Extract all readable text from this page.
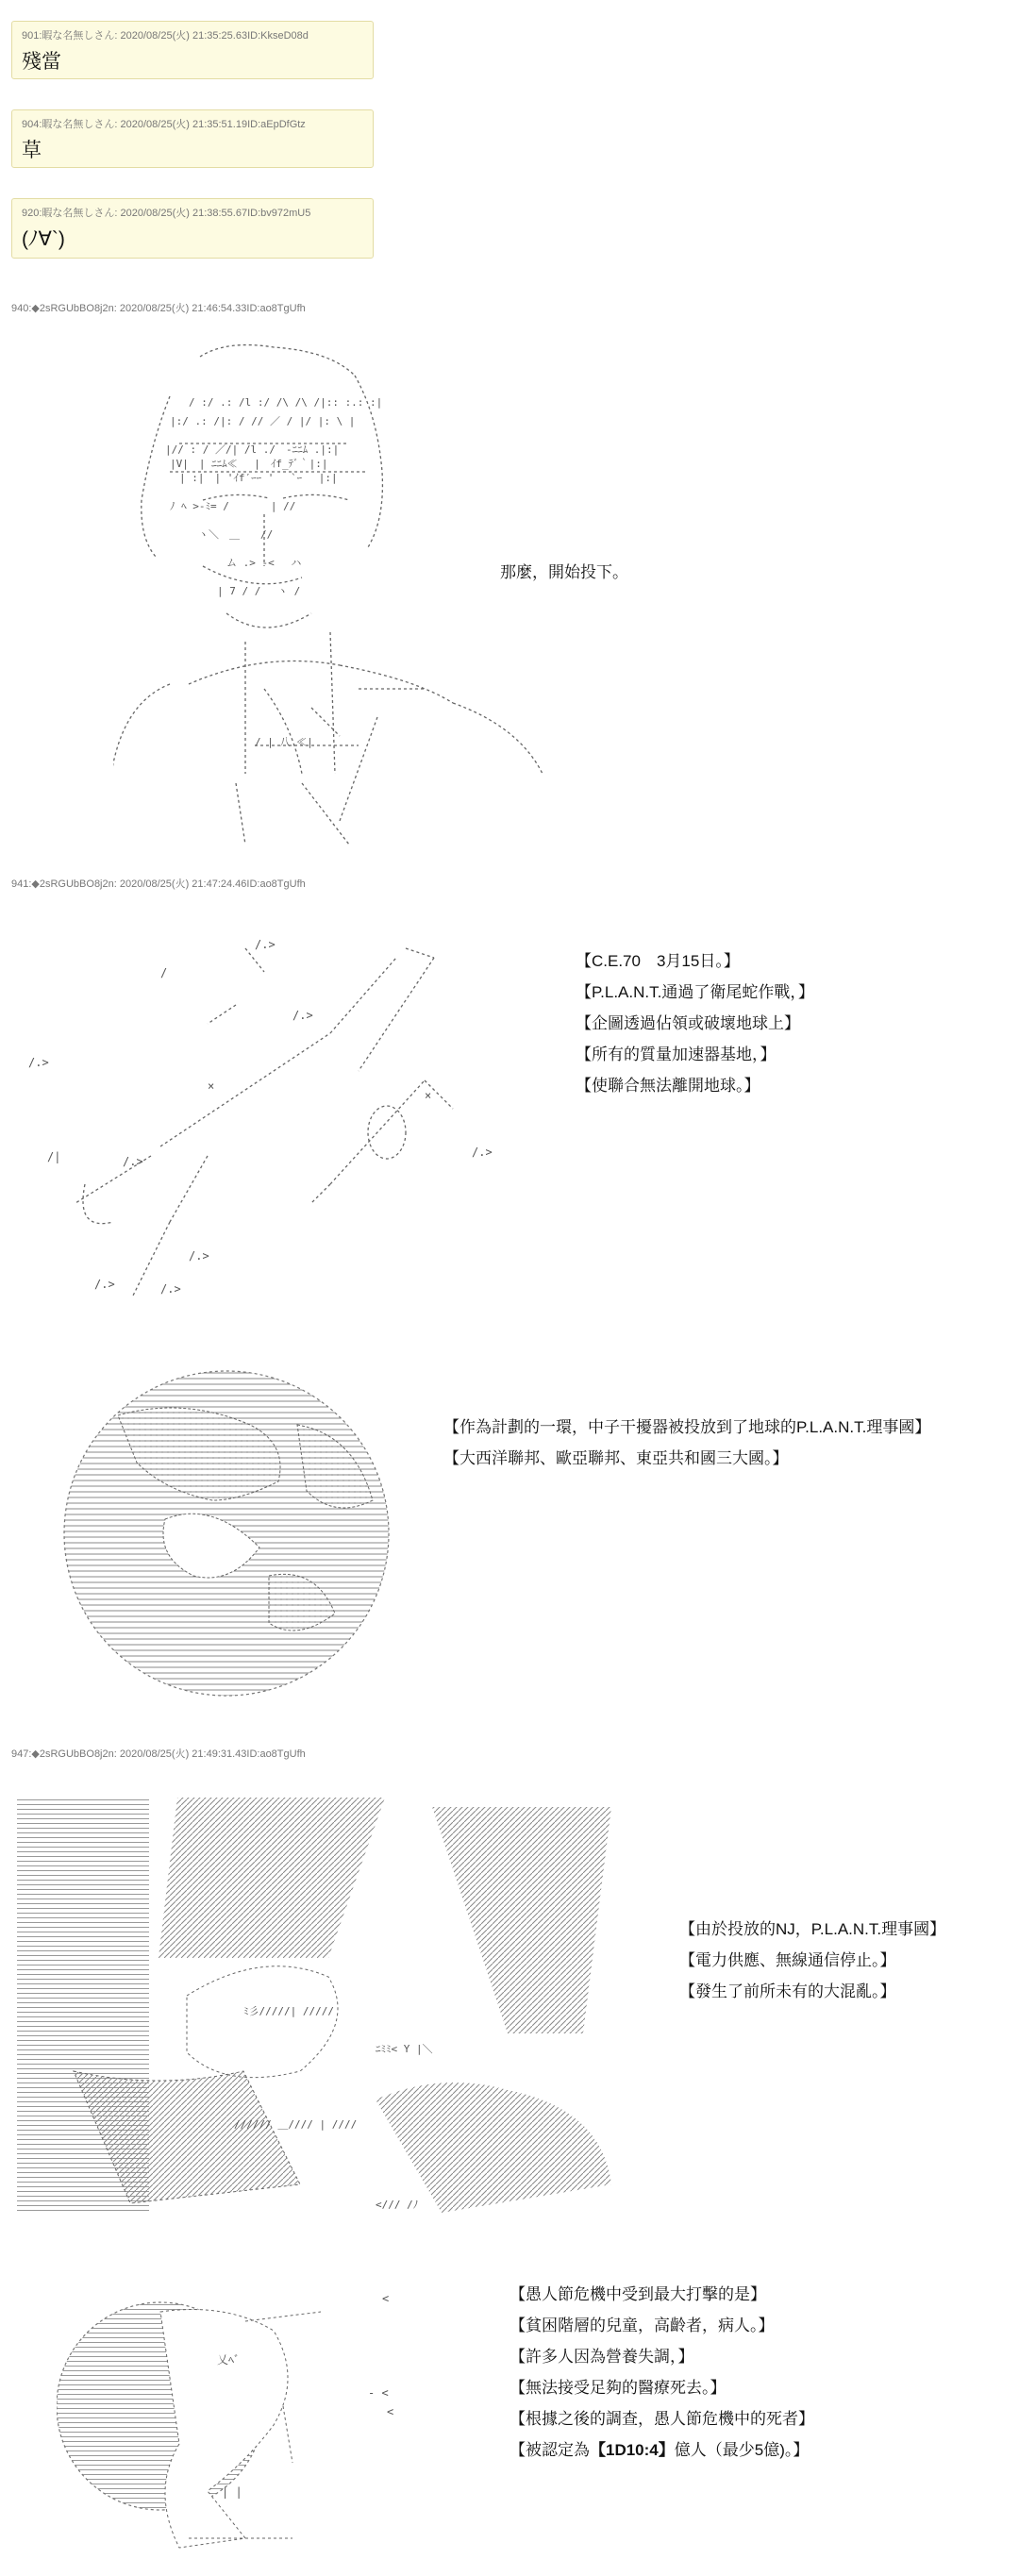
901:暇な名無しさん: 2020/08/25(火) 21:35:25.63ID:KkseD08d
殘當
904:暇な名無しさん: 2020/08/25(火) 21:35:51.19ID:aEpDfGtz
草
920:暇な名無しさん: 2020/08/25(火) 21:38:55.67ID:bv972mU5
(ﾉ∀`)
940:◆2sRGUbBO8j2n: 2020/08/25(火) 21:46:54.33ID:ao8TgUfh
/ :/ .: /l :/ /\ /\ /|:: :.: :|
|:/ .: /|: / // ／ / |/ |: \ |
|// : / ／/| /l ./　-ﾆﾆﾑ .|:|
|V|　| ﾆﾆﾑ≪ 　|　ｲf_ﾃﾞ｀|:|
| :|　| 'ｲf′ｰｰ '　 `ｰ　 |:|
ﾉ ﾍ >-ﾐ= /　　　　| //
ヽ＼　＿　　//
ム .> -<　 ハ
| 7 / /　 ヽ /
/ | 八 ≪|
那麼，開始投下。
941:◆2sRGUbBO8j2n: 2020/08/25(火) 21:47:24.46ID:ao8TgUfh
/.>
/.>
/|	/.>
×
/.>
/.>
×
/.>
/.>
/.>
/
【C.E.70　3月15日。】
【P.L.A.N.T.通過了衛尾蛇作戰，】
【企圖透過佔領或破壞地球上】
【所有的質量加速器基地，】
【使聯合無法離開地球。】
【作為計劃的一環，中子干擾器被投放到了地球的P.L.A.N.T.理事國】
【大西洋聯邦、歐亞聯邦、東亞共和國三大國。】
947:◆2sRGUbBO8j2n: 2020/08/25(火) 21:49:31.43ID:ao8TgUfh
ﾐ彡/////| /////
////// ＿//// | ////
ﾆﾐﾐ< Y |＼
</// /ﾉ
【由於投放的NJ，P.L.A.N.T.理事國】
【電力供應、無線通信停止。】
【發生了前所未有的大混亂。】
<
- <
<
乂ﾍﾞ
| |
【愚人節危機中受到最大打擊的是】
【貧困階層的兒童，高齡者，病人。】
【許多人因為營養失調，】
【無法接受足夠的醫療死去。】
【根據之後的調查，愚人節危機中的死者】
【被認定為【1D10:4】億人（最少5億)。】
